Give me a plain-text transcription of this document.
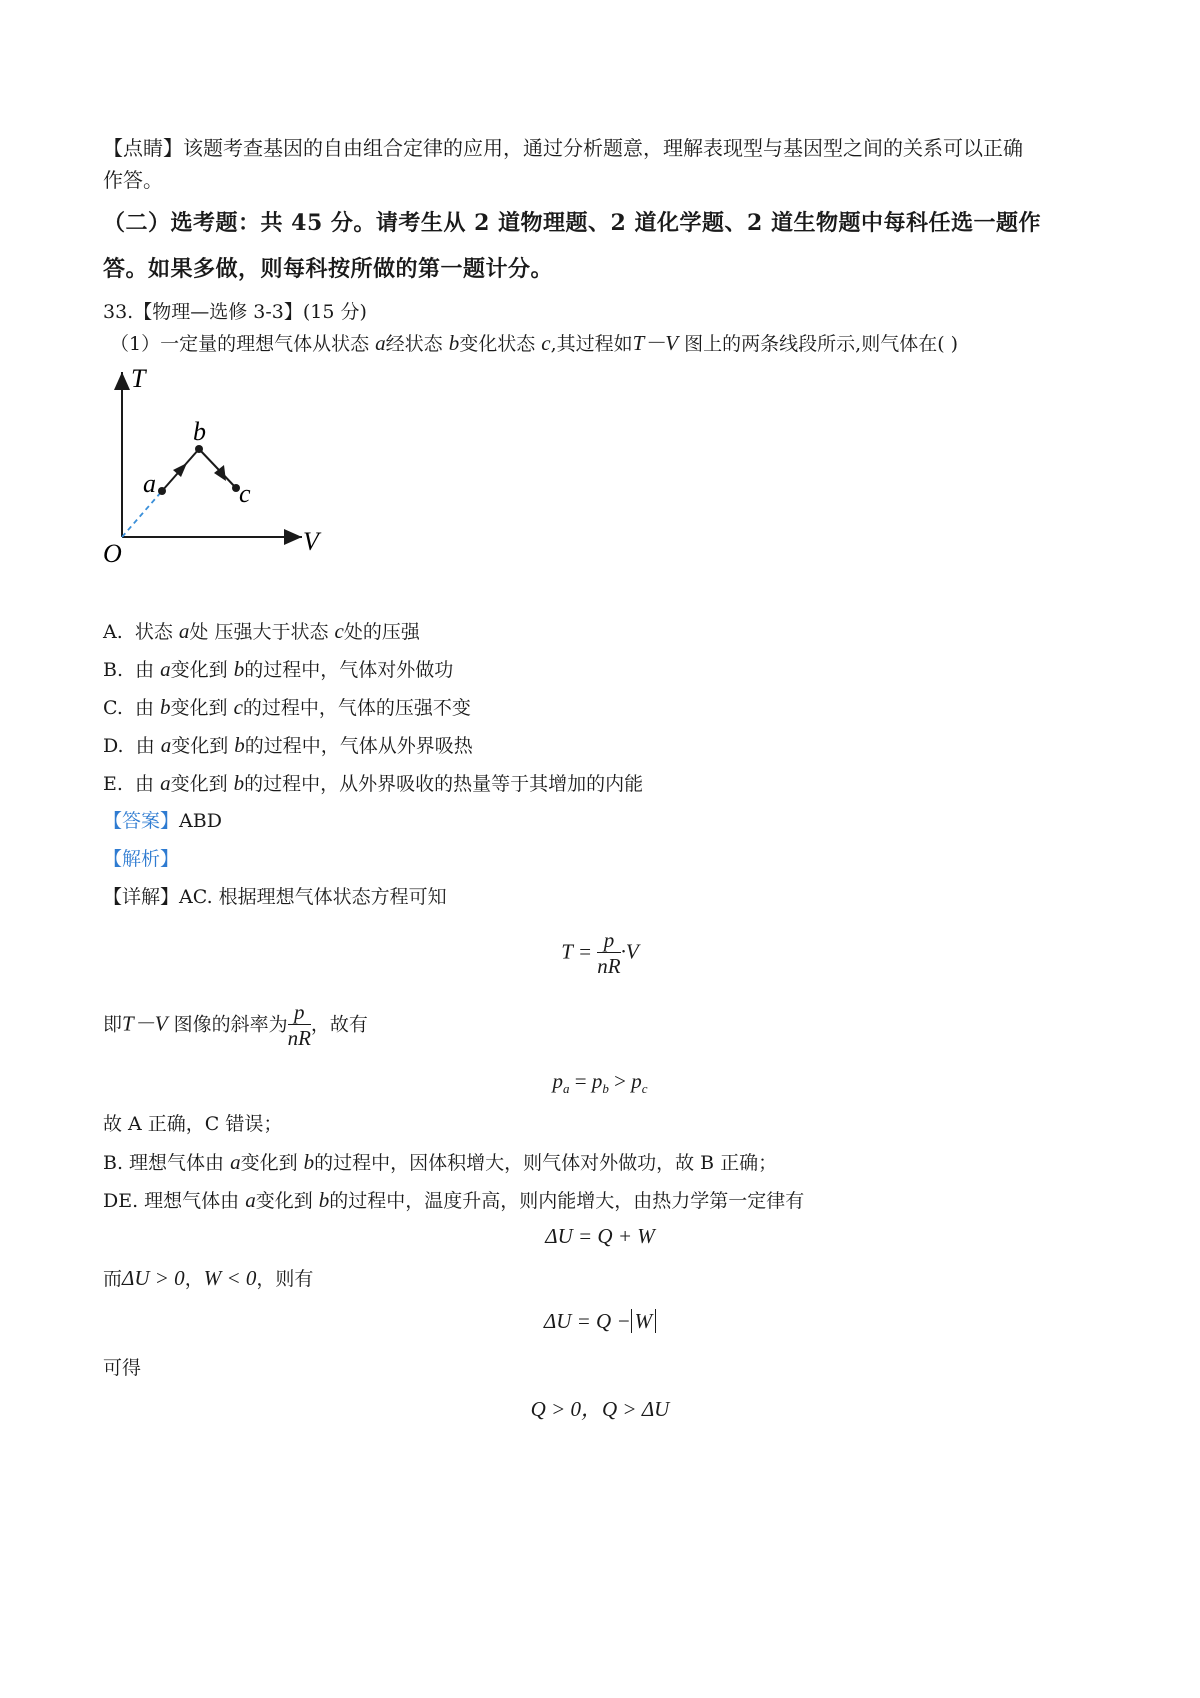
【点睛】该题考查基因的自由组合定律的应用，通过分析题意，理解表现型与基因型之间的关系可以正确
作答。
（二）选考题：共 45 分。请考生从 2 道物理题、2 道化学题、2 道生物题中每科任选一题作
答。如果多做，则每科按所做的第一题计分。
33.【物理—选修 3-3】(15 分)
（1）一定量的理想气体从状态 a经状态 b变化状态 c,其过程如T－V 图上的两条线段所示,则气体在( )
T
V
O
a
b
c
A. 状态 a处 压强大于状态 c处的压强
B. 由 a变化到 b的过程中，气体对外做功
C. 由 b变化到 c的过程中，气体的压强不变
D. 由 a变化到 b的过程中，气体从外界吸热
E. 由 a变化到 b的过程中，从外界吸收的热量等于其增加的内能
【答案】ABD
【解析】
【详解】AC. 根据理想气体状态方程可知
$T = \frac{p}{nR} \cdot V$
即T－V 图像的斜率为 $\frac{p}{nR}$ ，故有
$p_a = p_b > p_c$
故 A 正确，C 错误；
B. 理想气体由 a变化到 b的过程中，因体积增大，则气体对外做功，故 B 正确；
DE. 理想气体由 a变化到 b的过程中，温度升高，则内能增大，由热力学第一定律有
ΔU = Q + W
而ΔU > 0，W < 0，则有
ΔU = Q − W
可得
Q > 0，Q > ΔU
